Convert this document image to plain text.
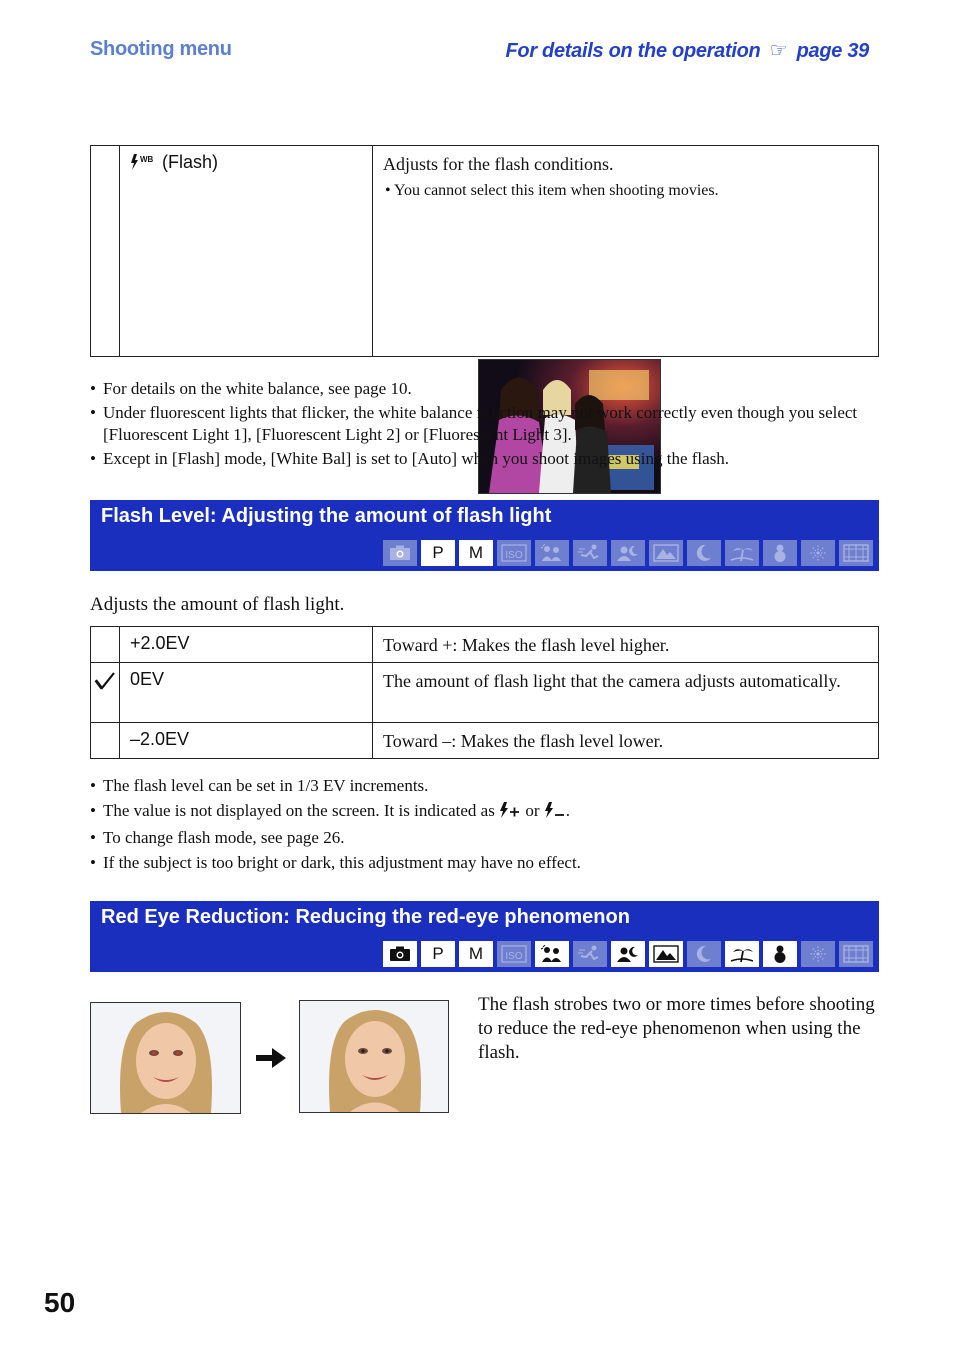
Shooting menu	For details on the operation ☞ page 39

WB (Flash)	Adjusts for the flash conditions.
• You cannot select this item when shooting movies.
• For details on the white balance, see page 10.
• Under fluorescent lights that flicker, the white balance function may not work correctly even though you select [Fluorescent Light 1], [Fluorescent Light 2] or [Fluorescent Light 3].
• Except in [Flash] mode, [White Bal] is set to [Auto] when you shoot images using the flash.
Flash Level: Adjusting the amount of flash light
P	M	ISO
Adjusts the amount of flash light.

	+2.0EV	Toward +: Makes the flash level higher.

0EV	The amount of flash light that the camera adjusts automatically.

	–2.0EV	Toward –: Makes the flash level lower.
• The flash level can be set in 1/3 EV increments.
• The value is not displayed on the screen. It is indicated as or .
• To change flash mode, see page 26.
• If the subject is too bright or dark, this adjustment may have no effect.
Red Eye Reduction: Reducing the red-eye phenomenon
P	M	ISO
The flash strobes two or more times before shooting to reduce the red-eye phenomenon when using the flash.
50
